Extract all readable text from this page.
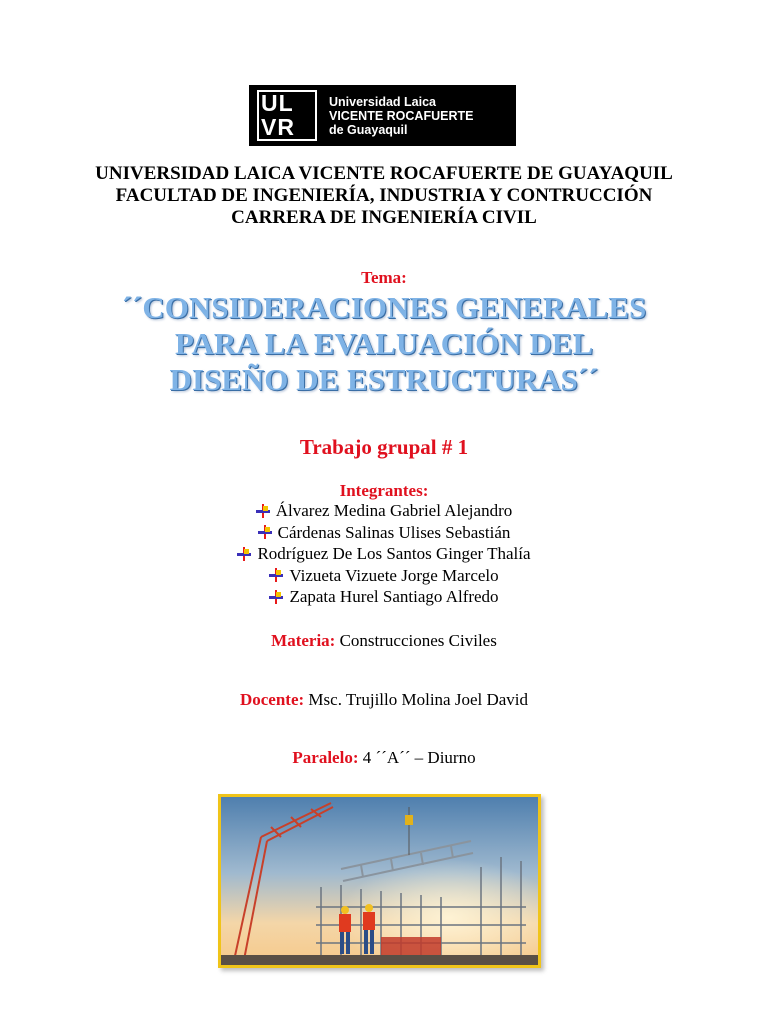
UL
VR
Universidad Laica
VICENTE ROCAFUERTE
de Guayaquil
UNIVERSIDAD LAICA VICENTE ROCAFUERTE DE GUAYAQUIL
FACULTAD DE INGENIERÍA, INDUSTRIA Y CONTRUCCIÓN
CARRERA DE INGENIERÍA CIVIL
Tema:
´´CONSIDERACIONES GENERALES
PARA LA EVALUACIÓN DEL
DISEÑO DE ESTRUCTURAS´´
Trabajo grupal # 1
Integrantes:
Álvarez Medina Gabriel Alejandro
Cárdenas Salinas Ulises Sebastián
Rodríguez De Los Santos Ginger Thalía
Vizueta Vizuete Jorge Marcelo
Zapata Hurel Santiago Alfredo
Materia: Construcciones Civiles
Docente: Msc. Trujillo Molina Joel David
Paralelo: 4 ´´A´´ – Diurno
